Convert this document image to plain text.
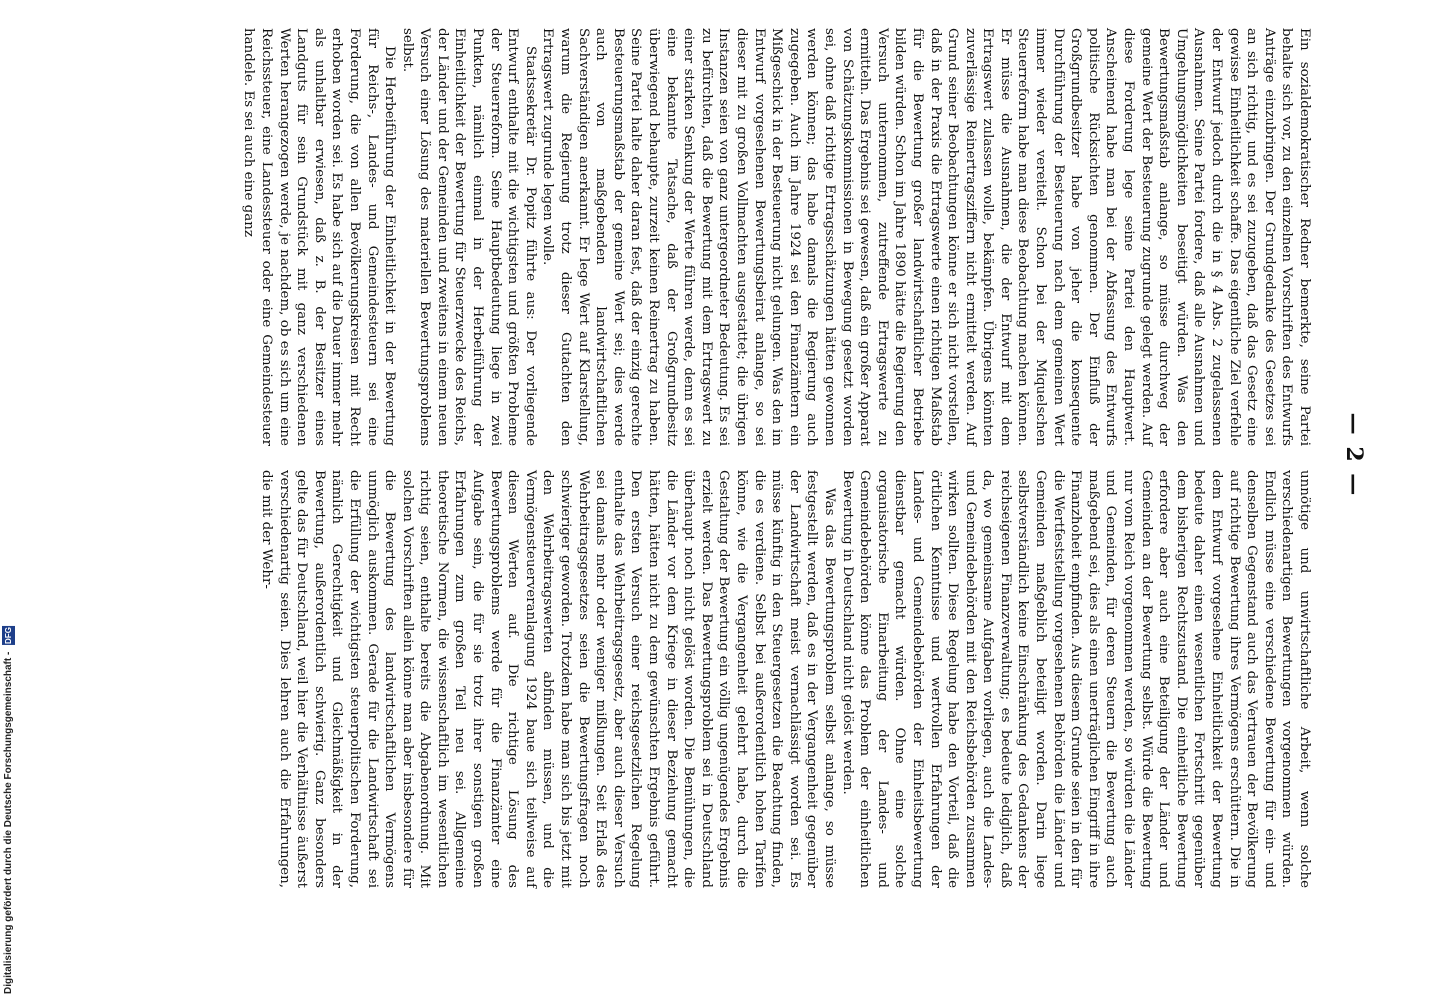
— 2 —

Ein sozialdemokratischer Redner bemerkte, seine Partei behalte sich vor, zu den einzelnen Vorschriften des Entwurfs Anträge einzubringen. Der Grundgedanke des Gesetzes sei an sich richtig, und es sei zuzugeben, daß das Gesetz eine gewisse Einheitlichkeit schaffe. Das eigentliche Ziel verfehle der Entwurf jedoch durch die in § 4 Abs. 2 zugelassenen Ausnahmen. Seine Partei fordere, daß alle Ausnahmen und Umgehungsmöglichkeiten beseitigt würden. Was den Bewertungsmaßstab anlange, so müsse durchweg der gemeine Wert der Besteuerung zugrunde gelegt werden. Auf diese Forderung lege seine Partei den Hauptwert. Anscheinend habe man bei der Abfassung des Entwurfs politische Rücksichten genommen. Der Einfluß der Großgrundbesitzer habe von jeher die konsequente Durchführung der Besteuerung nach dem gemeinen Wert immer wieder vereitelt. Schon bei der Miquelschen Steuerreform habe man diese Beobachtung machen können. Er müsse die Ausnahmen, die der Entwurf mit dem Ertragswert zulassen wolle, bekämpfen. Übrigens könnten zuverlässige Reinertragsziffern nicht ermittelt werden. Auf Grund seiner Beobachtungen könne er sich nicht vorstellen, daß in der Praxis die Ertragswerte einen richtigen Maßstab für die Bewertung großer landwirtschaftlicher Betriebe bilden würden. Schon im Jahre 1890 hätte die Regierung den Versuch unternommen, zutreffende Ertragswerte zu ermitteln. Das Ergebnis sei gewesen, daß ein großer Apparat von Schätzungskommissionen in Bewegung gesetzt worden sei, ohne daß richtige Ertragsschätzungen hätten gewonnen werden können; das habe damals die Regierung auch zugegeben. Auch im Jahre 1924 sei den Finanzämtern ein Mißgeschick in der Besteuerung nicht gelungen. Was den im Entwurf vorgesehenen Bewertungsbeirat anlange, so sei dieser mit zu großen Vollmachten ausgestattet; die übrigen Instanzen seien von ganz untergeordneter Bedeutung. Es sei zu befürchten, daß die Bewertung mit dem Ertragswert zu einer starken Senkung der Werte führen werde, denn es sei eine bekannte Tatsache, daß der Großgrundbesitz überwiegend behaupte, zurzeit keinen Reinertrag zu haben. Seine Partei halte daher daran fest, daß der einzig gerechte Besteuerungsmaßstab der gemeine Wert sei; dies werde auch von maßgebenden landwirtschaftlichen Sachverständigen anerkannt. Er lege Wert auf Klarstellung, warum die Regierung trotz dieser Gutachten den Ertragswert zugrunde legen wolle.

Staatssekretär Dr. Popitz führte aus: Der vorliegende Entwurf enthalte mit die wichtigsten und größten Probleme der Steuerreform. Seine Hauptbedeutung liege in zwei Punkten, nämlich einmal in der Herbeiführung der Einheitlichkeit der Bewertung für Steuerzwecke des Reichs, der Länder und der Gemeinden und zweitens in einem neuen Versuch einer Lösung des materiellen Bewertungsproblems selbst.

Die Herbeiführung der Einheitlichkeit in der Bewertung für Reichs-, Landes- und Gemeindesteuern sei eine Forderung, die von allen Bevölkerungskreisen mit Recht erhoben worden sei. Es habe sich auf die Dauer immer mehr als unhaltbar erwiesen, daß z. B. der Besitzer eines Landguts für sein Grundstück mit ganz verschiedenen Werten herangezogen werde, je nachdem, ob es sich um eine Reichssteuer, eine Landessteuer oder eine Gemeindesteuer handele. Es sei auch eine ganz

unnötige und unwirtschaftliche Arbeit, wenn solche verschiedenartigen Bewertungen vorgenommen würden. Endlich müsse eine verschiedene Bewertung für ein- und denselben Gegenstand auch das Vertrauen der Bevölkerung auf richtige Bewertung ihres Vermögens erschüttern. Die in dem Entwurf vorgesehene Einheitlichkeit der Bewertung bedeute daher einen wesentlichen Fortschritt gegenüber dem bisherigen Rechtszustand. Die einheitliche Bewertung erfordere aber auch eine Beteiligung der Länder und Gemeinden an der Bewertung selbst. Würde die Bewertung nur vom Reich vorgenommen werden, so würden die Länder und Gemeinden, für deren Steuern die Bewertung auch maßgebend sei, dies als einen unerträglichen Eingriff in ihre Finanzhoheit empfinden. Aus diesem Grunde seien in den für die Wertfeststellung vorgesehenen Behörden die Länder und Gemeinden maßgeblich beteiligt worden. Darin liege selbstverständlich keine Einschränkung des Gedankens der reichseigenen Finanzverwaltung; es bedeute lediglich, daß da, wo gemeinsame Aufgaben vorliegen, auch die Landes- und Gemeindebehörden mit den Reichsbehörden zusammen wirken sollten. Diese Regelung habe den Vorteil, daß die örtlichen Kenntnisse und wertvollen Erfahrungen der Landes- und Gemeindebehörden der Einheitsbewertung dienstbar gemacht würden. Ohne eine solche organisatorische Einarbeitung der Landes- und Gemeindebehörden könne das Problem der einheitlichen Bewertung in Deutschland nicht gelöst werden.

Was das Bewertungsproblem selbst anlange, so müsse festgestellt werden, daß es in der Vergangenheit gegenüber der Landwirtschaft meist vernachlässigt worden sei. Es müsse künftig in den Steuergesetzen die Beachtung finden, die es verdiene. Selbst bei außerordentlich hohen Tarifen könne, wie die Vergangenheit gelehrt habe, durch die Gestaltung der Bewertung ein völlig ungenügendes Ergebnis erzielt werden. Das Bewertungsproblem sei in Deutschland überhaupt noch nicht gelöst worden. Die Bemühungen, die die Länder vor dem Kriege in dieser Beziehung gemacht hätten, hätten nicht zu dem gewünschten Ergebnis geführt. Den ersten Versuch einer reichsgesetzlichen Regelung enthalte das Wehrbeitragsgesetz, aber auch dieser Versuch sei damals mehr oder weniger mißlungen. Seit Erlaß des Wehrbeitragsgesetzes seien die Bewertungsfragen noch schwieriger geworden. Trotzdem habe man sich bis jetzt mit den Wehrbeitragswerten abfinden müssen, und die Vermögensteuerveranlagung 1924 baue sich teilweise auf diesen Werten auf. Die richtige Lösung des Bewertungsproblems werde für die Finanzämter eine Aufgabe sein, die für sie trotz ihrer sonstigen großen Erfahrungen zum großen Teil neu sei. Allgemeine theoretische Normen, die wissenschaftlich im wesentlichen richtig seien, enthalte bereits die Abgabenordnung. Mit solchen Vorschriften allein könne man aber insbesondere für die Bewertung des landwirtschaftlichen Vermögens unmöglich auskommen. Gerade für die Landwirtschaft sei die Erfüllung der wichtigsten steuerpolitischen Forderung, nämlich Gerechtigkeit und Gleichmäßigkeit in der Bewertung, außerordentlich schwierig. Ganz besonders gelte das für Deutschland, weil hier die Verhältnisse äußerst verschiedenartig seien. Dies lehren auch die Erfahrungen, die mit der Wehr-

Digitalisierung gefördert durch die Deutsche Forschungsgemeinschaft - DFG
